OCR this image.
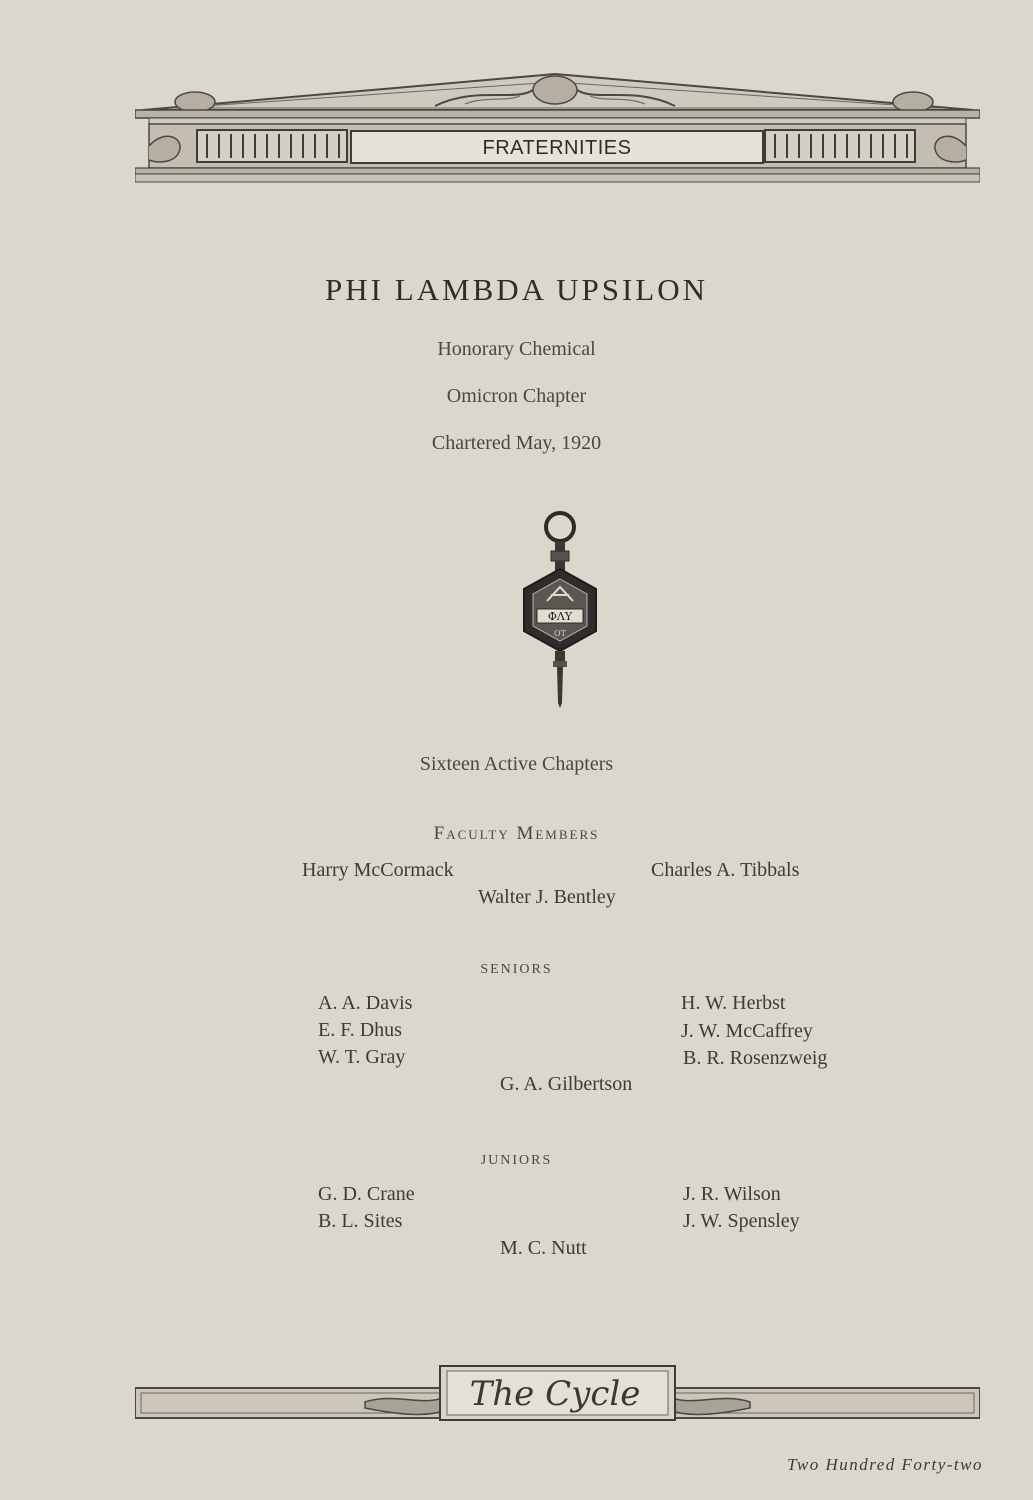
FRATERNITIES
PHI LAMBDA UPSILON
Honorary Chemical
Omicron Chapter
Chartered May, 1920
ΦΛΥ
OT
Sixteen Active Chapters
Faculty Members
Harry McCormack	Charles A. Tibbals
Walter J. Bentley
SENIORS
A. A. Davis
E. F. Dhus
W. T. Gray
H. W. Herbst
J. W. McCaffrey
B. R. Rosenzweig
G. A. Gilbertson
JUNIORS
G. D. Crane
B. L. Sites
J. R. Wilson
J. W. Spensley
M. C. Nutt
The Cycle
Two Hundred Forty-two
